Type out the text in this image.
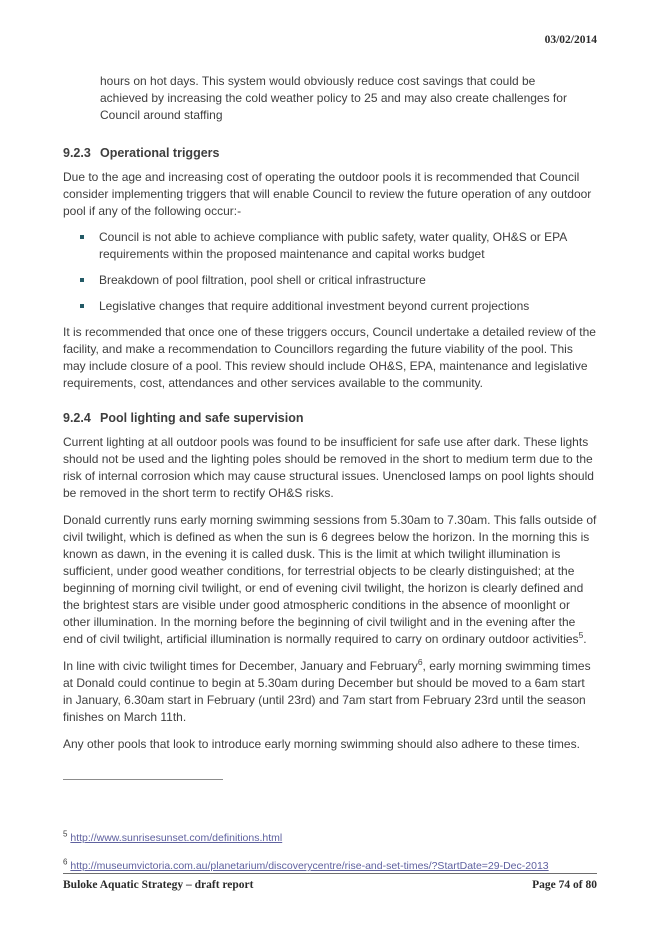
03/02/2014

hours on hot days. This system would obviously reduce cost savings that could be achieved by increasing the cold weather policy to 25 and may also create challenges for Council around staffing

9.2.3 Operational triggers

Due to the age and increasing cost of operating the outdoor pools it is recommended that Council consider implementing triggers that will enable Council to review the future operation of any outdoor pool if any of the following occur:-

Council is not able to achieve compliance with public safety, water quality, OH&S or EPA requirements within the proposed maintenance and capital works budget
Breakdown of pool filtration, pool shell or critical infrastructure
Legislative changes that require additional investment beyond current projections

It is recommended that once one of these triggers occurs, Council undertake a detailed review of the facility, and make a recommendation to Councillors regarding the future viability of the pool. This may include closure of a pool. This review should include OH&S, EPA, maintenance and legislative requirements, cost, attendances and other services available to the community.

9.2.4 Pool lighting and safe supervision

Current lighting at all outdoor pools was found to be insufficient for safe use after dark. These lights should not be used and the lighting poles should be removed in the short to medium term due to the risk of internal corrosion which may cause structural issues. Unenclosed lamps on pool lights should be removed in the short term to rectify OH&S risks.

Donald currently runs early morning swimming sessions from 5.30am to 7.30am. This falls outside of civil twilight, which is defined as when the sun is 6 degrees below the horizon. In the morning this is known as dawn, in the evening it is called dusk. This is the limit at which twilight illumination is sufficient, under good weather conditions, for terrestrial objects to be clearly distinguished; at the beginning of morning civil twilight, or end of evening civil twilight, the horizon is clearly defined and the brightest stars are visible under good atmospheric conditions in the absence of moonlight or other illumination. In the morning before the beginning of civil twilight and in the evening after the end of civil twilight, artificial illumination is normally required to carry on ordinary outdoor activities$^5$.

In line with civic twilight times for December, January and February$^6$, early morning swimming times at Donald could continue to begin at 5.30am during December but should be moved to a 6am start in January, 6.30am start in February (until 23rd) and 7am start from February 23rd until the season finishes on March 11th.

Any other pools that look to introduce early morning swimming should also adhere to these times.

$^5$ http://www.sunrisesunset.com/definitions.html
$^6$ http://museumvictoria.com.au/planetarium/discoverycentre/rise-and-set-times/?StartDate=29-Dec-2013
Buloke Aquatic Strategy – draft report	Page 74 of 80
